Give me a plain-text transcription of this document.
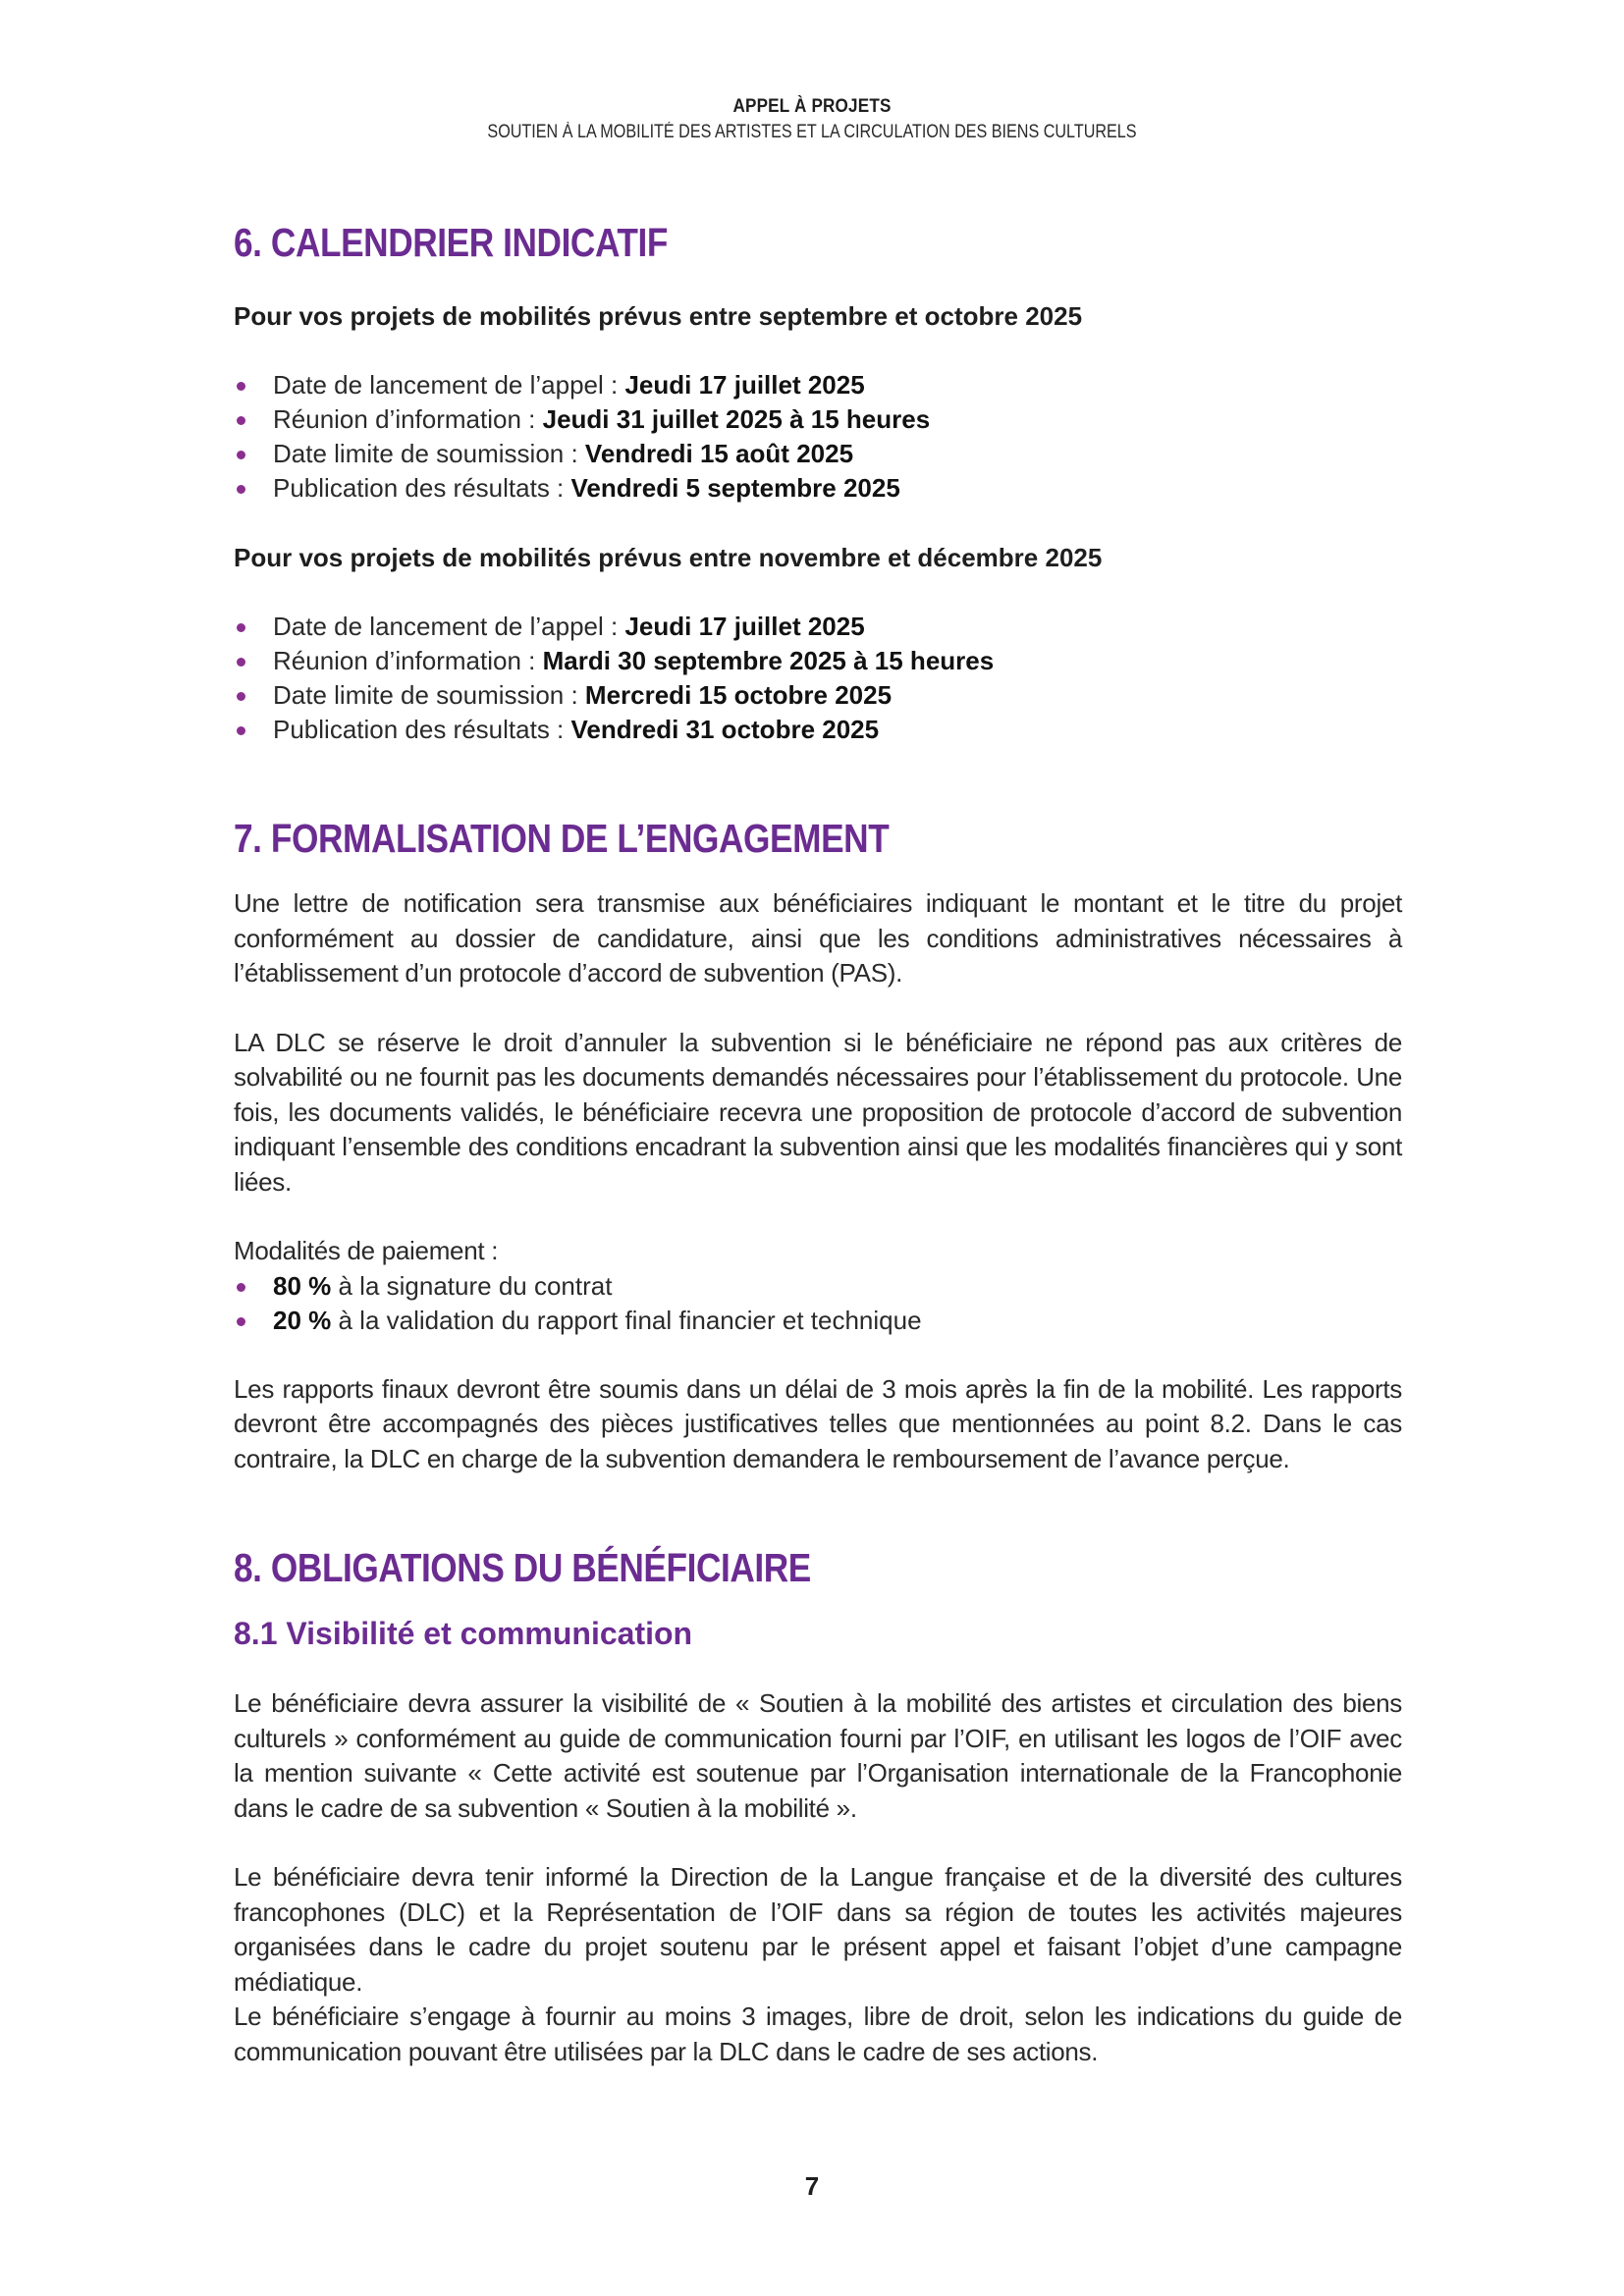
APPEL À PROJETS
SOUTIEN À LA MOBILITÉ DES ARTISTES ET LA CIRCULATION DES BIENS CULTURELS
6. CALENDRIER INDICATIF

Pour vos projets de mobilités prévus entre septembre et octobre 2025

Date de lancement de l’appel : Jeudi 17 juillet 2025
Réunion d’information : Jeudi 31 juillet 2025 à 15 heures
Date limite de soumission : Vendredi 15 août 2025
Publication des résultats : Vendredi 5 septembre 2025

Pour vos projets de mobilités prévus entre novembre et décembre 2025

Date de lancement de l’appel : Jeudi 17 juillet 2025
Réunion d’information : Mardi 30 septembre 2025 à 15 heures
Date limite de soumission : Mercredi 15 octobre 2025
Publication des résultats : Vendredi 31 octobre 2025
7. FORMALISATION DE L’ENGAGEMENT

Une lettre de notification sera transmise aux bénéficiaires indiquant le montant et le titre du projet conformément au dossier de candidature, ainsi que les conditions administratives nécessaires à l’établissement d’un protocole d’accord de subvention (PAS).

LA DLC se réserve le droit d’annuler la subvention si le bénéficiaire ne répond pas aux critères de solvabilité ou ne fournit pas les documents demandés nécessaires pour l’établissement du protocole. Une fois, les documents validés, le bénéficiaire recevra une proposition de protocole d’accord de subvention indiquant l’ensemble des conditions encadrant la subvention ainsi que les modalités financières qui y sont liées.

Modalités de paiement :

80 % à la signature du contrat
20 % à la validation du rapport final financier et technique

Les rapports finaux devront être soumis dans un délai de 3 mois après la fin de la mobilité. Les rapports devront être accompagnés des pièces justificatives telles que mentionnées au point 8.2. Dans le cas contraire, la DLC en charge de la subvention demandera le remboursement de l’avance perçue.

8. OBLIGATIONS DU BÉNÉFICIAIRE
8.1 Visibilité et communication

Le bénéficiaire devra assurer la visibilité de « Soutien à la mobilité des artistes et circulation des biens culturels » conformément au guide de communication fourni par l’OIF, en utilisant les logos de l’OIF avec la mention suivante « Cette activité est soutenue par l’Organisation internationale de la Francophonie dans le cadre de sa subvention « Soutien à la mobilité ».

Le bénéficiaire devra tenir informé la Direction de la Langue française et de la diversité des cultures francophones (DLC) et la Représentation de l’OIF dans sa région de toutes les activités majeures organisées dans le cadre du projet soutenu par le présent appel et faisant l’objet d’une campagne médiatique.

Le bénéficiaire s’engage à fournir au moins 3 images, libre de droit, selon les indications du guide de communication pouvant être utilisées par la DLC dans le cadre de ses actions.

7
